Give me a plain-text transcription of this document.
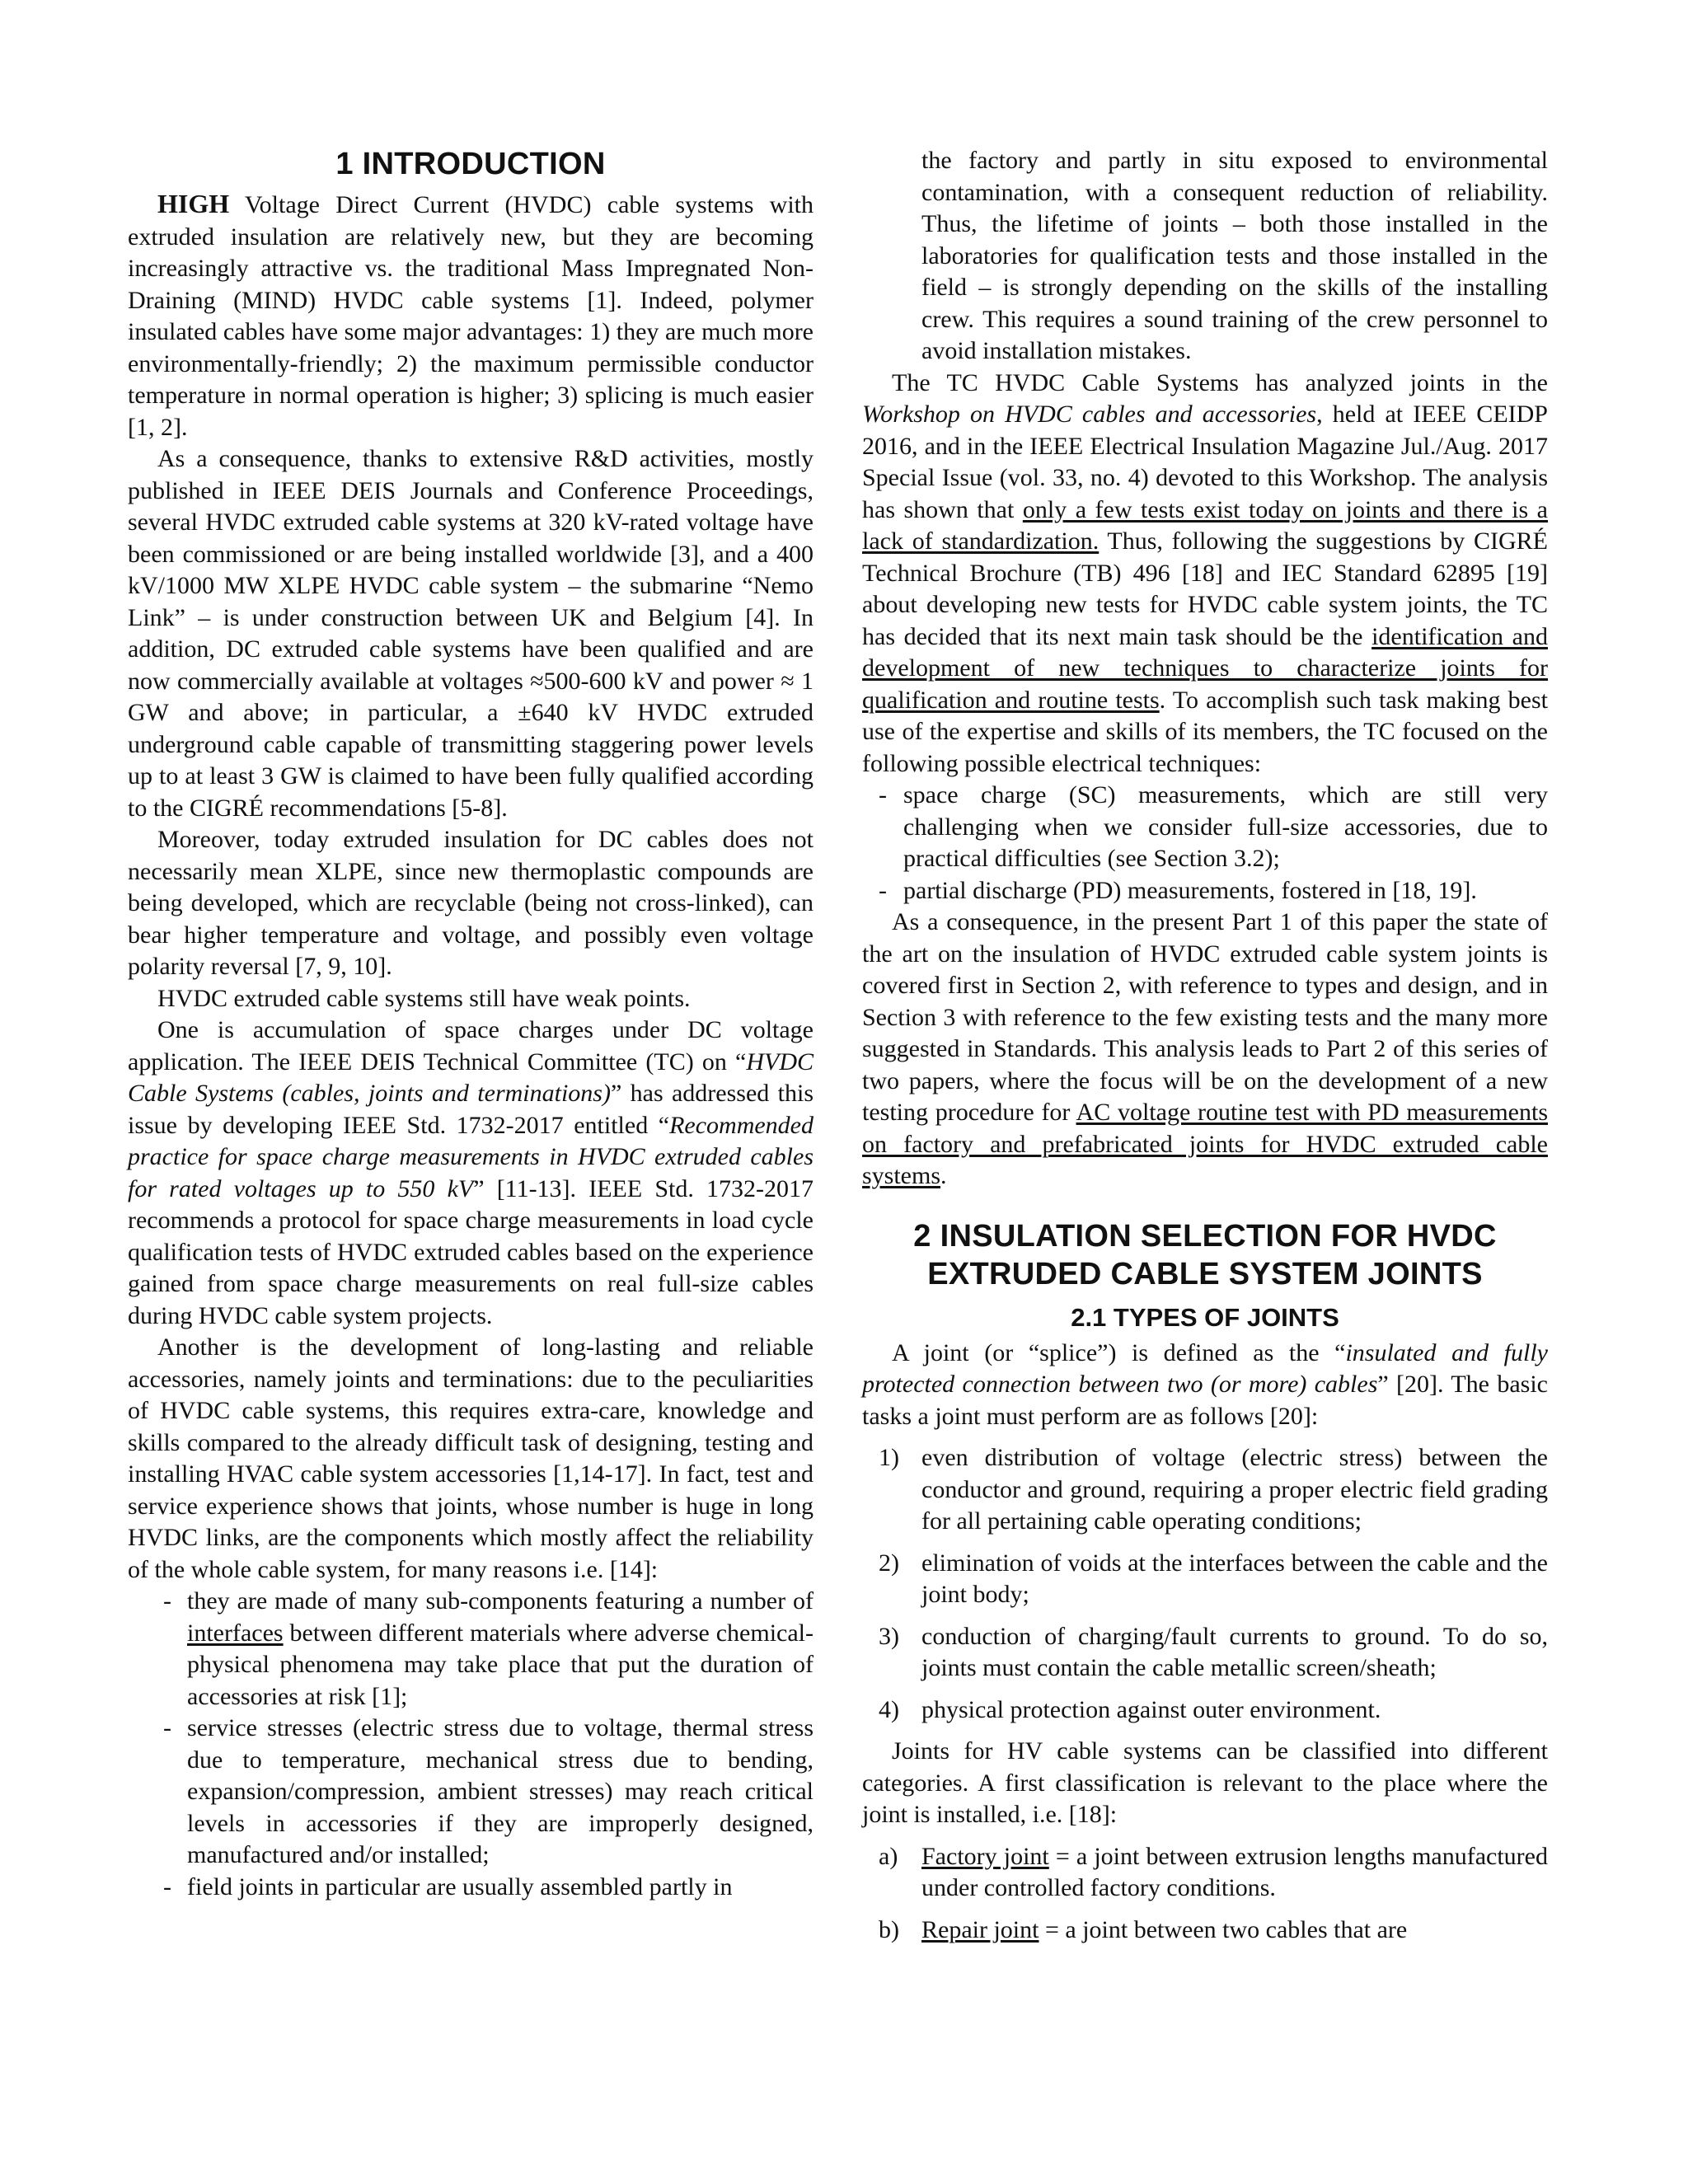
1 INTRODUCTION

HIGH Voltage Direct Current (HVDC) cable systems with extruded insulation are relatively new, but they are becoming increasingly attractive vs. the traditional Mass Impregnated Non-Draining (MIND) HVDC cable systems [1]. Indeed, polymer insulated cables have some major advantages: 1) they are much more environmentally-friendly; 2) the maximum permissible conductor temperature in normal operation is higher; 3) splicing is much easier [1, 2].

As a consequence, thanks to extensive R&D activities, mostly published in IEEE DEIS Journals and Conference Proceedings, several HVDC extruded cable systems at 320 kV-rated voltage have been commissioned or are being installed worldwide [3], and a 400 kV/1000 MW XLPE HVDC cable system – the submarine “Nemo Link” – is under construction between UK and Belgium [4]. In addition, DC extruded cable systems have been qualified and are now commercially available at voltages ≈500-600 kV and power ≈ 1 GW and above; in particular, a ±640 kV HVDC extruded underground cable capable of transmitting staggering power levels up to at least 3 GW is claimed to have been fully qualified according to the CIGRÉ recommendations [5-8].

Moreover, today extruded insulation for DC cables does not necessarily mean XLPE, since new thermoplastic compounds are being developed, which are recyclable (being not cross-linked), can bear higher temperature and voltage, and possibly even voltage polarity reversal [7, 9, 10].

HVDC extruded cable systems still have weak points.

One is accumulation of space charges under DC voltage application. The IEEE DEIS Technical Committee (TC) on “HVDC Cable Systems (cables, joints and terminations)” has addressed this issue by developing IEEE Std. 1732-2017 entitled “Recommended practice for space charge measurements in HVDC extruded cables for rated voltages up to 550 kV” [11-13]. IEEE Std. 1732-2017 recommends a protocol for space charge measurements in load cycle qualification tests of HVDC extruded cables based on the experience gained from space charge measurements on real full-size cables during HVDC cable system projects.

Another is the development of long-lasting and reliable accessories, namely joints and terminations: due to the peculiarities of HVDC cable systems, this requires extra-care, knowledge and skills compared to the already difficult task of designing, testing and installing HVAC cable system accessories [1,14-17]. In fact, test and service experience shows that joints, whose number is huge in long HVDC links, are the components which mostly affect the reliability of the whole cable system, for many reasons i.e. [14]:

- they are made of many sub-components featuring a number of interfaces between different materials where adverse chemical-physical phenomena may take place that put the duration of accessories at risk [1];
- service stresses (electric stress due to voltage, thermal stress due to temperature, mechanical stress due to bending, expansion/compression, ambient stresses) may reach critical levels in accessories if they are improperly designed, manufactured and/or installed;
- field joints in particular are usually assembled partly in
the factory and partly in situ exposed to environmental contamination, with a consequent reduction of reliability. Thus, the lifetime of joints – both those installed in the laboratories for qualification tests and those installed in the field – is strongly depending on the skills of the installing crew. This requires a sound training of the crew personnel to avoid installation mistakes.

The TC HVDC Cable Systems has analyzed joints in the Workshop on HVDC cables and accessories, held at IEEE CEIDP 2016, and in the IEEE Electrical Insulation Magazine Jul./Aug. 2017 Special Issue (vol. 33, no. 4) devoted to this Workshop. The analysis has shown that only a few tests exist today on joints and there is a lack of standardization. Thus, following the suggestions by CIGRÉ Technical Brochure (TB) 496 [18] and IEC Standard 62895 [19] about developing new tests for HVDC cable system joints, the TC has decided that its next main task should be the identification and development of new techniques to characterize joints for qualification and routine tests. To accomplish such task making best use of the expertise and skills of its members, the TC focused on the following possible electrical techniques:

- space charge (SC) measurements, which are still very challenging when we consider full-size accessories, due to practical difficulties (see Section 3.2);
- partial discharge (PD) measurements, fostered in [18, 19].

As a consequence, in the present Part 1 of this paper the state of the art on the insulation of HVDC extruded cable system joints is covered first in Section 2, with reference to types and design, and in Section 3 with reference to the few existing tests and the many more suggested in Standards. This analysis leads to Part 2 of this series of two papers, where the focus will be on the development of a new testing procedure for AC voltage routine test with PD measurements on factory and prefabricated joints for HVDC extruded cable systems.

2 INSULATION SELECTION FOR HVDC
EXTRUDED CABLE SYSTEM JOINTS
2.1 TYPES OF JOINTS

A joint (or “splice”) is defined as the “insulated and fully protected connection between two (or more) cables” [20]. The basic tasks a joint must perform are as follows [20]:

1) even distribution of voltage (electric stress) between the conductor and ground, requiring a proper electric field grading for all pertaining cable operating conditions;
2) elimination of voids at the interfaces between the cable and the joint body;
3) conduction of charging/fault currents to ground. To do so, joints must contain the cable metallic screen/sheath;
4) physical protection against outer environment.

Joints for HV cable systems can be classified into different categories. A first classification is relevant to the place where the joint is installed, i.e. [18]:

a) Factory joint = a joint between extrusion lengths manufactured under controlled factory conditions.
b) Repair joint = a joint between two cables that are
